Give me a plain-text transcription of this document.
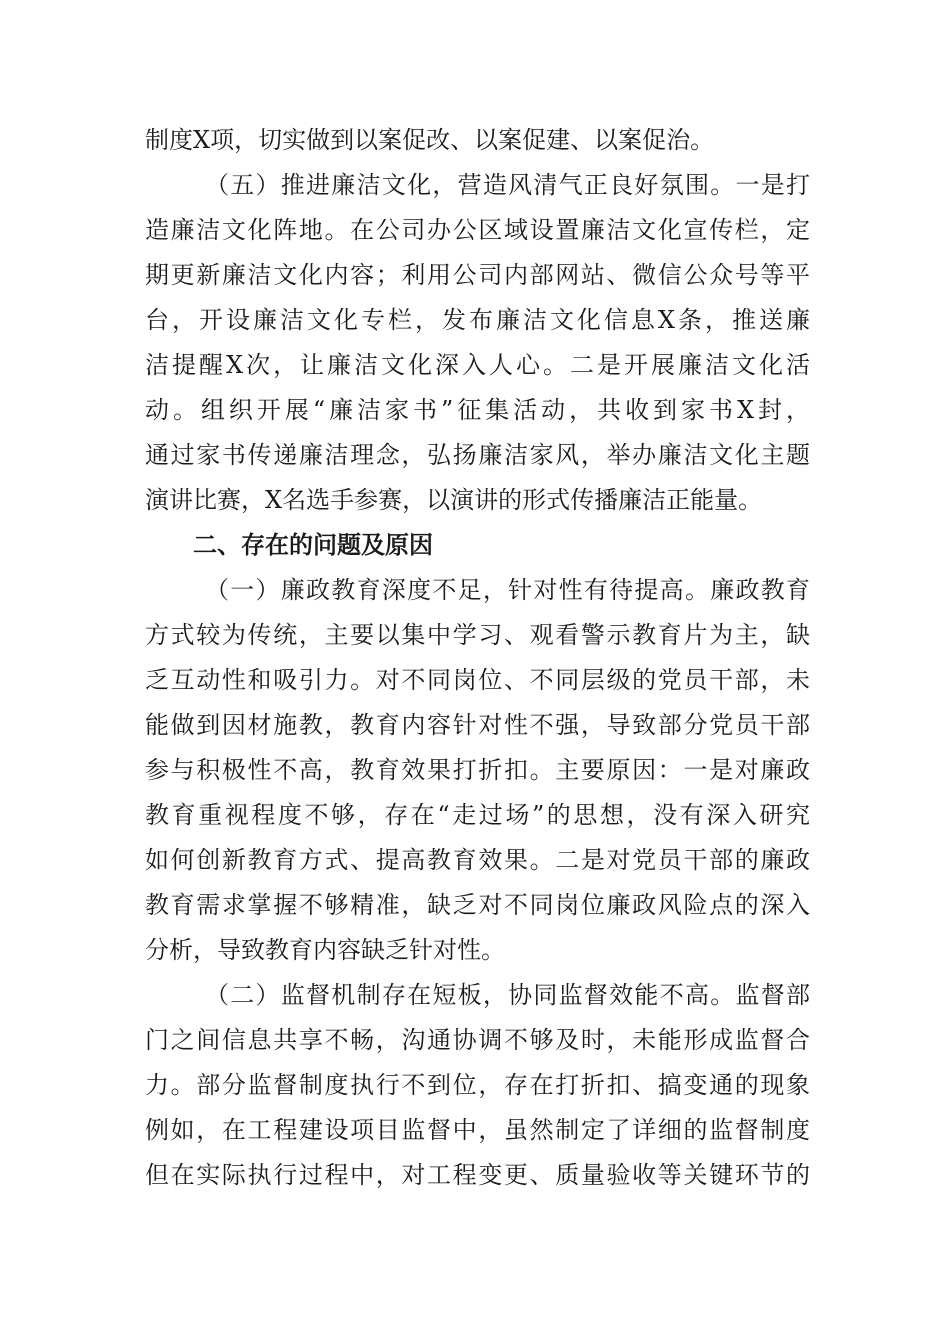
制度X项，切实做到以案促改、以案促建、以案促治。
（五）推进廉洁文化，营造风清气正良好氛围。一是打
造廉洁文化阵地。在公司办公区域设置廉洁文化宣传栏，定
期更新廉洁文化内容；利用公司内部网站、微信公众号等平
台，开设廉洁文化专栏，发布廉洁文化信息X条，推送廉
洁提醒X次，让廉洁文化深入人心。二是开展廉洁文化活
动。组织开展“廉洁家书”征集活动，共收到家书X封，
通过家书传递廉洁理念，弘扬廉洁家风，举办廉洁文化主题
演讲比赛，X名选手参赛，以演讲的形式传播廉洁正能量。
二、存在的问题及原因
（一）廉政教育深度不足，针对性有待提高。廉政教育
方式较为传统，主要以集中学习、观看警示教育片为主，缺
乏互动性和吸引力。对不同岗位、不同层级的党员干部，未
能做到因材施教，教育内容针对性不强，导致部分党员干部
参与积极性不高，教育效果打折扣。主要原因：一是对廉政
教育重视程度不够，存在“走过场”的思想，没有深入研究
如何创新教育方式、提高教育效果。二是对党员干部的廉政
教育需求掌握不够精准，缺乏对不同岗位廉政风险点的深入
分析，导致教育内容缺乏针对性。
（二）监督机制存在短板，协同监督效能不高。监督部
门之间信息共享不畅，沟通协调不够及时，未能形成监督合
力。部分监督制度执行不到位，存在打折扣、搞变通的现象
例如，在工程建设项目监督中，虽然制定了详细的监督制度
但在实际执行过程中，对工程变更、质量验收等关键环节的
